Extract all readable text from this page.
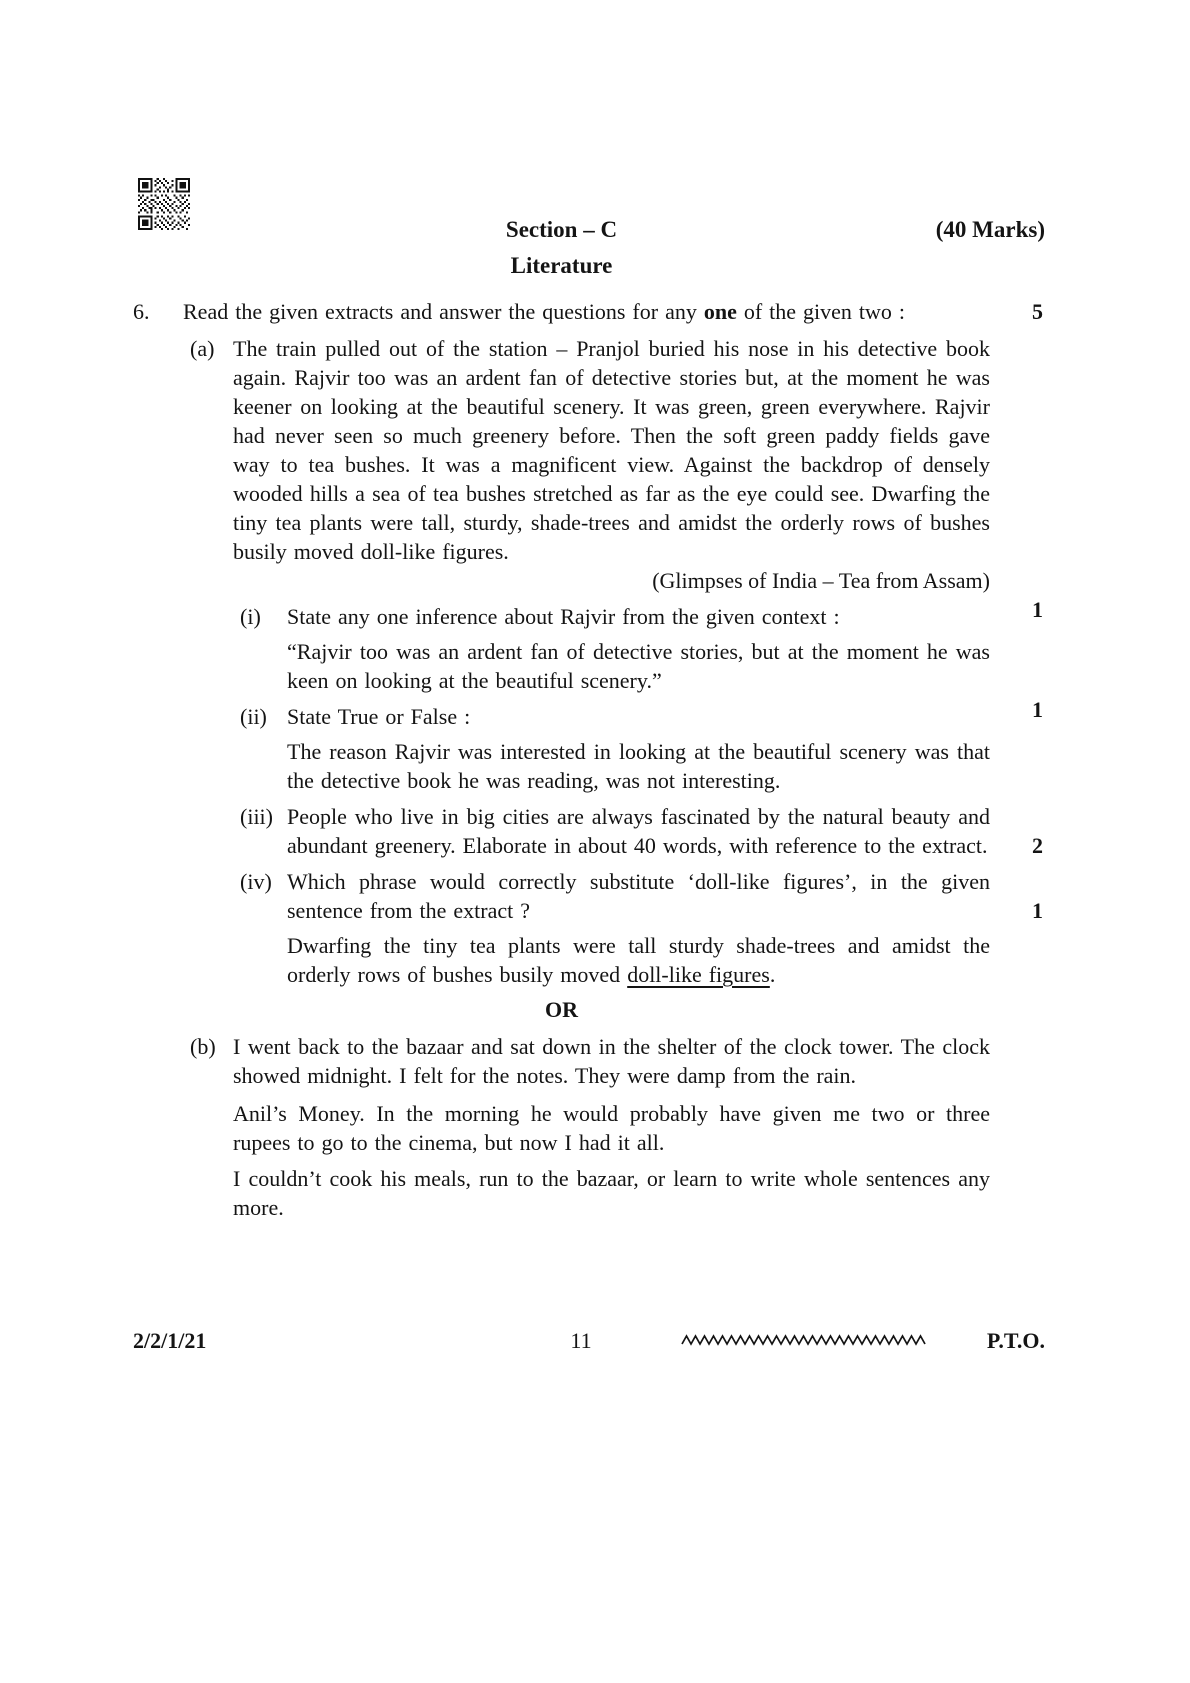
Section – C	(40 Marks)
Literature
6.	Read the given extracts and answer the questions for any one of the given two :	5
(a) The train pulled out of the station – Pranjol buried his nose in his detective book again. Rajvir too was an ardent fan of detective stories but, at the moment he was keener on looking at the beautiful scenery. It was green, green everywhere. Rajvir had never seen so much greenery before. Then the soft green paddy fields gave way to tea bushes. It was a magnificent view. Against the backdrop of densely wooded hills a sea of tea bushes stretched as far as the eye could see. Dwarfing the tiny tea plants were tall, sturdy, shade-trees and amidst the orderly rows of bushes busily moved doll-like figures.
(Glimpses of India – Tea from Assam)
(i)	State any one inference about Rajvir from the given context :	1
“Rajvir too was an ardent fan of detective stories, but at the moment he was keen on looking at the beautiful scenery.”
(ii) State True or False :	1
The reason Rajvir was interested in looking at the beautiful scenery was that the detective book he was reading, was not interesting.
(iii) People who live in big cities are always fascinated by the natural beauty and abundant greenery. Elaborate in about 40 words, with reference to the extract.	2
(iv) Which phrase would correctly substitute ‘doll-like figures’, in the given sentence from the extract ?	1
Dwarfing the tiny tea plants were tall sturdy shade-trees and amidst the orderly rows of bushes busily moved doll-like figures.
OR
(b) I went back to the bazaar and sat down in the shelter of the clock tower. The clock showed midnight. I felt for the notes. They were damp from the rain.
Anil’s Money. In the morning he would probably have given me two or three rupees to go to the cinema, but now I had it all.
I couldn’t cook his meals, run to the bazaar, or learn to write whole sentences any more.
2/2/1/21	11	P.T.O.
